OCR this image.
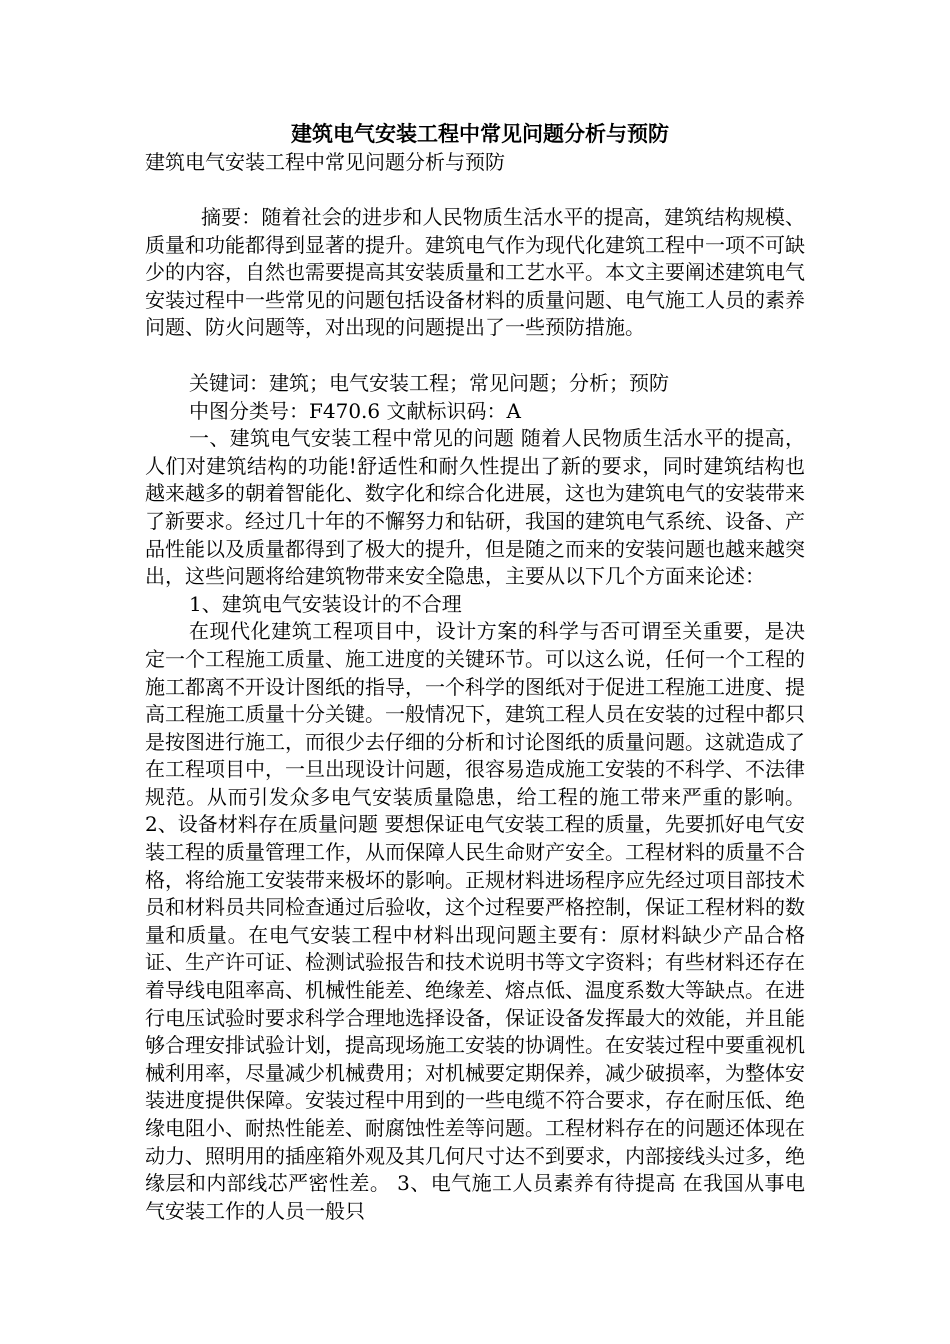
建筑电气安装工程中常见问题分析与预防

建筑电气安装工程中常见问题分析与预防

摘要：随着社会的进步和人民物质生活水平的提高，建筑结构规模、质量和功能都得到显著的提升。建筑电气作为现代化建筑工程中一项不可缺少的内容，自然也需要提高其安装质量和工艺水平。本文主要阐述建筑电气安装过程中一些常见的问题包括设备材料的质量问题、电气施工人员的素养问题、防火问题等，对出现的问题提出了一些预防措施。

关键词：建筑；电气安装工程；常见问题；分析；预防

中图分类号：F470.6 文献标识码：A

一、建筑电气安装工程中常见的问题 随着人民物质生活水平的提高，人们对建筑结构的功能!舒适性和耐久性提出了新的要求，同时建筑结构也越来越多的朝着智能化、数字化和综合化进展，这也为建筑电气的安装带来了新要求。经过几十年的不懈努力和钻研，我国的建筑电气系统、设备、产品性能以及质量都得到了极大的提升，但是随之而来的安装问题也越来越突出，这些问题将给建筑物带来安全隐患，主要从以下几个方面来论述：

1、建筑电气安装设计的不合理

在现代化建筑工程项目中，设计方案的科学与否可谓至关重要，是决定一个工程施工质量、施工进度的关键环节。可以这么说，任何一个工程的施工都离不开设计图纸的指导，一个科学的图纸对于促进工程施工进度、提高工程施工质量十分关键。一般情况下，建筑工程人员在安装的过程中都只是按图进行施工，而很少去仔细的分析和讨论图纸的质量问题。这就造成了在工程项目中，一旦出现设计问题，很容易造成施工安装的不科学、不法律规范。从而引发众多电气安装质量隐患，给工程的施工带来严重的影响。2、设备材料存在质量问题 要想保证电气安装工程的质量，先要抓好电气安装工程的质量管理工作，从而保障人民生命财产安全。工程材料的质量不合格，将给施工安装带来极坏的影响。正规材料进场程序应先经过项目部技术员和材料员共同检查通过后验收，这个过程要严格控制，保证工程材料的数量和质量。在电气安装工程中材料出现问题主要有：原材料缺少产品合格证、生产许可证、检测试验报告和技术说明书等文字资料；有些材料还存在着导线电阻率高、机械性能差、绝缘差、熔点低、温度系数大等缺点。在进行电压试验时要求科学合理地选择设备，保证设备发挥最大的效能，并且能够合理安排试验计划，提高现场施工安装的协调性。在安装过程中要重视机械利用率，尽量减少机械费用；对机械要定期保养，减少破损率，为整体安装进度提供保障。安装过程中用到的一些电缆不符合要求，存在耐压低、绝缘电阻小、耐热性能差、耐腐蚀性差等问题。工程材料存在的问题还体现在动力、照明用的插座箱外观及其几何尺寸达不到要求，内部接线头过多，绝缘层和内部线芯严密性差。 3、电气施工人员素养有待提高 在我国从事电气安装工作的人员一般只
